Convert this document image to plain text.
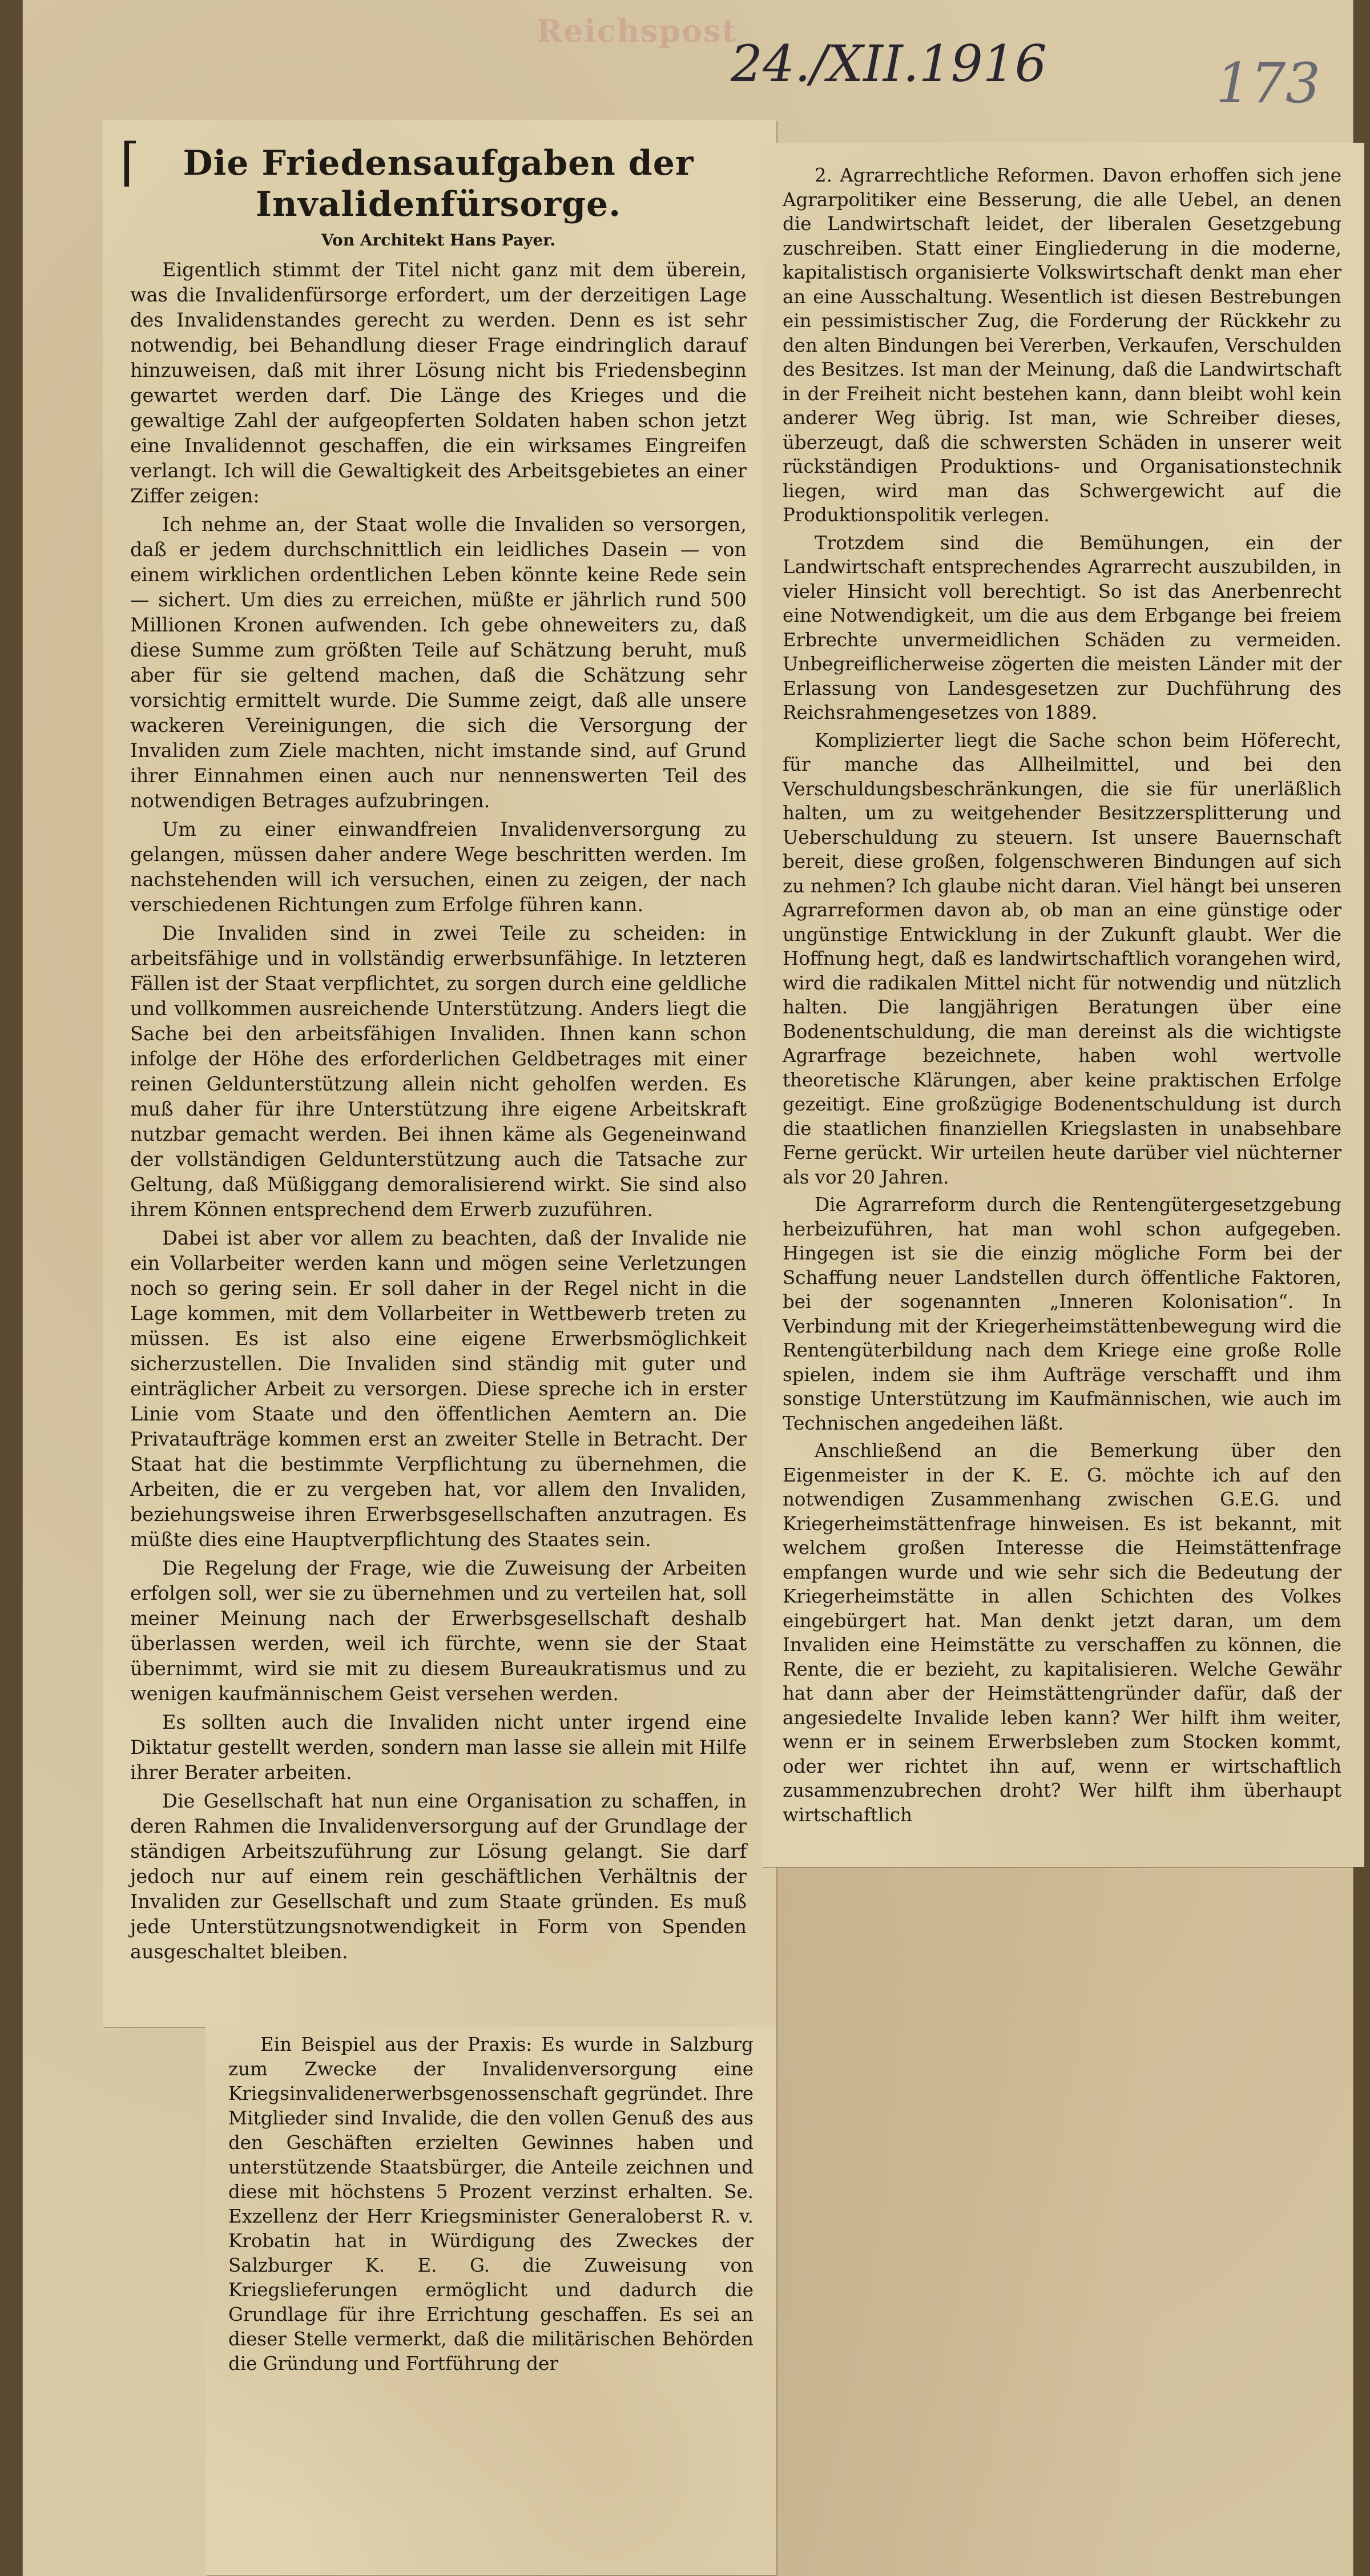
Reichspost
24./XII.1916	173
⌈	Die Friedensaufgaben der Invalidenfürsorge.
Von Architekt Hans Payer.

Eigentlich stimmt der Titel nicht ganz mit dem überein, was die Invalidenfürsorge erfordert, um der derzeitigen Lage des Invalidenstandes gerecht zu werden. Denn es ist sehr notwendig, bei Behandlung dieser Frage eindringlich darauf hinzuweisen, daß mit ihrer Lösung nicht bis Friedensbeginn gewartet werden darf. Die Länge des Krieges und die gewaltige Zahl der aufgeopferten Soldaten haben schon jetzt eine Invalidennot geschaffen, die ein wirksames Eingreifen verlangt. Ich will die Gewaltigkeit des Arbeitsgebietes an einer Ziffer zeigen:

Ich nehme an, der Staat wolle die Invaliden so versorgen, daß er jedem durchschnittlich ein leidliches Dasein — von einem wirklichen ordentlichen Leben könnte keine Rede sein — sichert. Um dies zu erreichen, müßte er jährlich rund 500 Millionen Kronen aufwenden. Ich gebe ohneweiters zu, daß diese Summe zum größten Teile auf Schätzung beruht, muß aber für sie geltend machen, daß die Schätzung sehr vorsichtig ermittelt wurde. Die Summe zeigt, daß alle unsere wackeren Vereinigungen, die sich die Versorgung der Invaliden zum Ziele machten, nicht imstande sind, auf Grund ihrer Einnahmen einen auch nur nennenswerten Teil des notwendigen Betrages aufzubringen.

Um zu einer einwandfreien Invalidenversorgung zu gelangen, müssen daher andere Wege beschritten werden. Im nachstehenden will ich versuchen, einen zu zeigen, der nach verschiedenen Richtungen zum Erfolge führen kann.

Die Invaliden sind in zwei Teile zu scheiden: in arbeitsfähige und in vollständig erwerbsunfähige. In letzteren Fällen ist der Staat verpflichtet, zu sorgen durch eine geldliche und vollkommen ausreichende Unterstützung. Anders liegt die Sache bei den arbeitsfähigen Invaliden. Ihnen kann schon infolge der Höhe des erforderlichen Geldbetrages mit einer reinen Geldunterstützung allein nicht geholfen werden. Es muß daher für ihre Unterstützung ihre eigene Arbeitskraft nutzbar gemacht werden. Bei ihnen käme als Gegeneinwand der vollständigen Geldunterstützung auch die Tatsache zur Geltung, daß Müßiggang demoralisierend wirkt. Sie sind also ihrem Können entsprechend dem Erwerb zuzuführen.

Dabei ist aber vor allem zu beachten, daß der Invalide nie ein Vollarbeiter werden kann und mögen seine Verletzungen noch so gering sein. Er soll daher in der Regel nicht in die Lage kommen, mit dem Vollarbeiter in Wettbewerb treten zu müssen. Es ist also eine eigene Erwerbsmöglichkeit sicherzustellen. Die Invaliden sind ständig mit guter und einträglicher Arbeit zu versorgen. Diese spreche ich in erster Linie vom Staate und den öffentlichen Aemtern an. Die Privataufträge kommen erst an zweiter Stelle in Betracht. Der Staat hat die bestimmte Verpflichtung zu übernehmen, die Arbeiten, die er zu vergeben hat, vor allem den Invaliden, beziehungsweise ihren Erwerbsgesellschaften anzutragen. Es müßte dies eine Hauptverpflichtung des Staates sein.

Die Regelung der Frage, wie die Zuweisung der Arbeiten erfolgen soll, wer sie zu übernehmen und zu verteilen hat, soll meiner Meinung nach der Erwerbsgesellschaft deshalb überlassen werden, weil ich fürchte, wenn sie der Staat übernimmt, wird sie mit zu diesem Bureaukratismus und zu wenigen kaufmännischem Geist versehen werden.

Es sollten auch die Invaliden nicht unter irgend eine Diktatur gestellt werden, sondern man lasse sie allein mit Hilfe ihrer Berater arbeiten.

Die Gesellschaft hat nun eine Organisation zu schaffen, in deren Rahmen die Invalidenversorgung auf der Grundlage der ständigen Arbeitszuführung zur Lösung gelangt. Sie darf jedoch nur auf einem rein geschäftlichen Verhältnis der Invaliden zur Gesellschaft und zum Staate gründen. Es muß jede Unterstützungsnotwendigkeit in Form von Spenden ausgeschaltet bleiben.

Ein Beispiel aus der Praxis: Es wurde in Salzburg zum Zwecke der Invalidenversorgung eine Kriegsinvalidenerwerbsgenossenschaft gegründet. Ihre Mitglieder sind Invalide, die den vollen Genuß des aus den Geschäften erzielten Gewinnes haben und unterstützende Staatsbürger, die Anteile zeichnen und diese mit höchstens 5 Prozent verzinst erhalten. Se. Exzellenz der Herr Kriegsminister Generaloberst R. v. Krobatin hat in Würdigung des Zweckes der Salzburger K. E. G. die Zuweisung von Kriegslieferungen ermöglicht und dadurch die Grundlage für ihre Errichtung geschaffen. Es sei an dieser Stelle vermerkt, daß die militärischen Behörden die Gründung und Fortführung der

2. Agrarrechtliche Reformen. Davon erhoffen sich jene Agrarpolitiker eine Besserung, die alle Uebel, an denen die Landwirtschaft leidet, der liberalen Gesetzgebung zuschreiben. Statt einer Eingliederung in die moderne, kapitalistisch organisierte Volkswirtschaft denkt man eher an eine Ausschaltung. Wesentlich ist diesen Bestrebungen ein pessimistischer Zug, die Forderung der Rückkehr zu den alten Bindungen bei Vererben, Verkaufen, Verschulden des Besitzes. Ist man der Meinung, daß die Landwirtschaft in der Freiheit nicht bestehen kann, dann bleibt wohl kein anderer Weg übrig. Ist man, wie Schreiber dieses, überzeugt, daß die schwersten Schäden in unserer weit rückständigen Produktions- und Organisationstechnik liegen, wird man das Schwergewicht auf die Produktionspolitik verlegen.

Trotzdem sind die Bemühungen, ein der Landwirtschaft entsprechendes Agrarrecht auszubilden, in vieler Hinsicht voll berechtigt. So ist das Anerbenrecht eine Notwendigkeit, um die aus dem Erbgange bei freiem Erbrechte unvermeidlichen Schäden zu vermeiden. Unbegreiflicherweise zögerten die meisten Länder mit der Erlassung von Landesgesetzen zur Duchführung des Reichsrahmengesetzes von 1889.

Komplizierter liegt die Sache schon beim Höferecht, für manche das Allheilmittel, und bei den Verschuldungsbeschränkungen, die sie für unerläßlich halten, um zu weitgehender Besitzzersplitterung und Ueberschuldung zu steuern. Ist unsere Bauernschaft bereit, diese großen, folgenschweren Bindungen auf sich zu nehmen? Ich glaube nicht daran. Viel hängt bei unseren Agrarreformen davon ab, ob man an eine günstige oder ungünstige Entwicklung in der Zukunft glaubt. Wer die Hoffnung hegt, daß es landwirtschaftlich vorangehen wird, wird die radikalen Mittel nicht für notwendig und nützlich halten. Die langjährigen Beratungen über eine Bodenentschuldung, die man dereinst als die wichtigste Agrarfrage bezeichnete, haben wohl wertvolle theoretische Klärungen, aber keine praktischen Erfolge gezeitigt. Eine großzügige Bodenentschuldung ist durch die staatlichen finanziellen Kriegslasten in unabsehbare Ferne gerückt. Wir urteilen heute darüber viel nüchterner als vor 20 Jahren.

Die Agrarreform durch die Rentengütergesetzgebung herbeizuführen, hat man wohl schon aufgegeben. Hingegen ist sie die einzig mögliche Form bei der Schaffung neuer Landstellen durch öffentliche Faktoren, bei der sogenannten „Inneren Kolonisation“. In Verbindung mit der Kriegerheimstättenbewegung wird die Rentengüterbildung nach dem Kriege eine große Rolle spielen, indem sie ihm Aufträge verschafft und ihm sonstige Unterstützung im Kaufmännischen, wie auch im Technischen angedeihen läßt.

Anschließend an die Bemerkung über den Eigenmeister in der K. E. G. möchte ich auf den notwendigen Zusammenhang zwischen G.E.G. und Kriegerheimstättenfrage hinweisen. Es ist bekannt, mit welchem großen Interesse die Heimstättenfrage empfangen wurde und wie sehr sich die Bedeutung der Kriegerheimstätte in allen Schichten des Volkes eingebürgert hat. Man denkt jetzt daran, um dem Invaliden eine Heimstätte zu verschaffen zu können, die Rente, die er bezieht, zu kapitalisieren. Welche Gewähr hat dann aber der Heimstättengründer dafür, daß der angesiedelte Invalide leben kann? Wer hilft ihm weiter, wenn er in seinem Erwerbsleben zum Stocken kommt, oder wer richtet ihn auf, wenn er wirtschaftlich zusammenzubrechen droht? Wer hilft ihm überhaupt wirtschaftlich
